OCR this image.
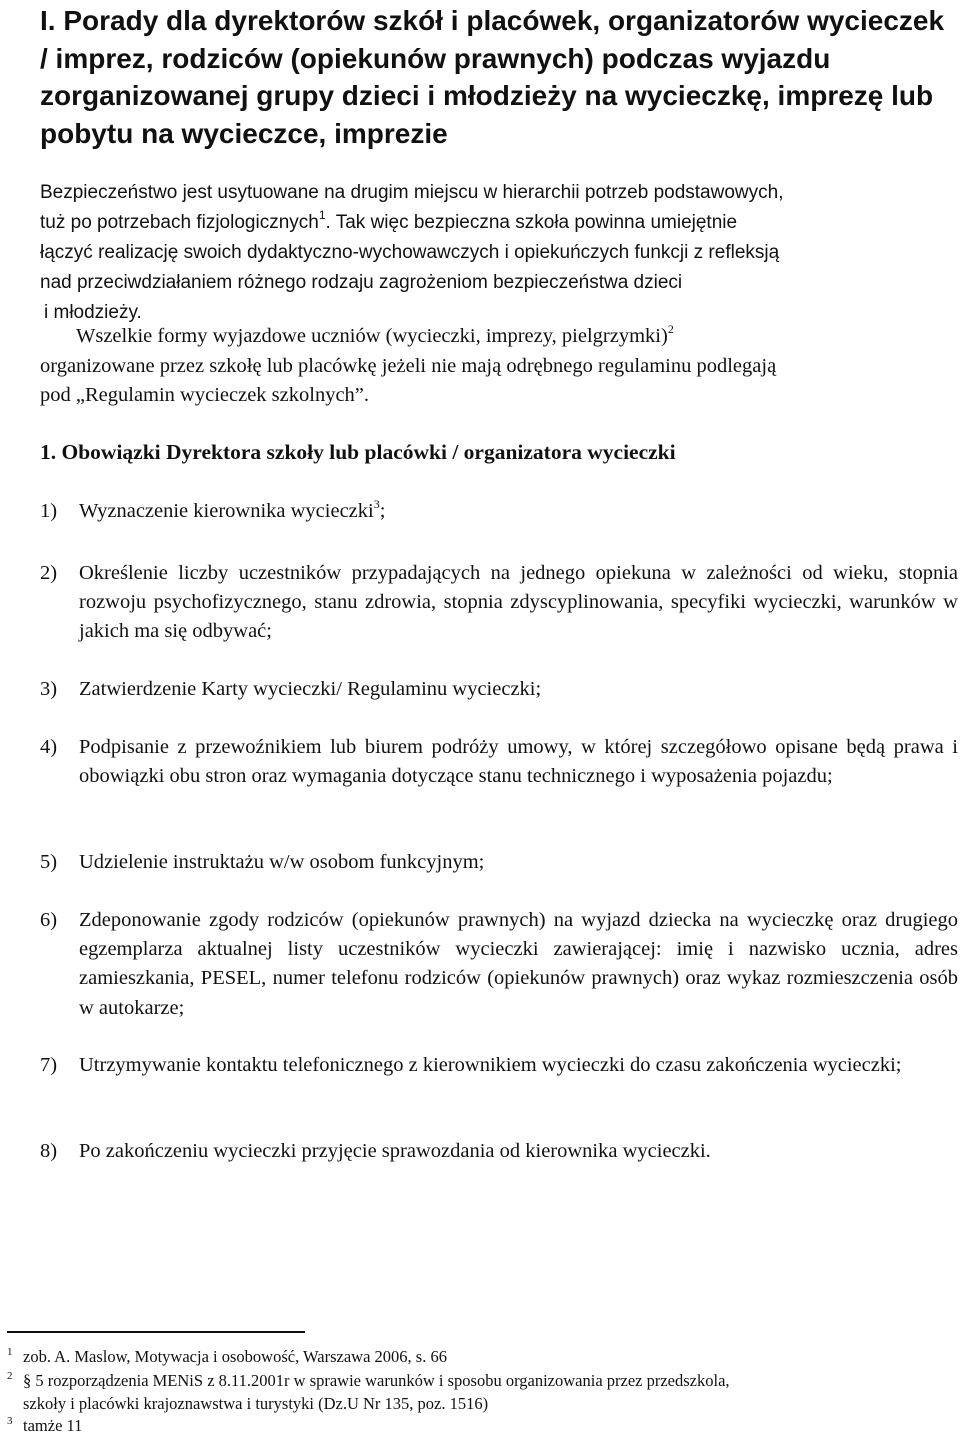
I. Porady dla dyrektorów szkół i placówek, organizatorów wycieczek / imprez, rodziców (opiekunów prawnych) podczas wyjazdu zorganizowanej grupy dzieci i młodzieży na wycieczkę, imprezę lub pobytu na wycieczce, imprezie
Bezpieczeństwo jest usytuowane na drugim miejscu w hierarchii potrzeb podstawowych,
tuż po potrzebach fizjologicznych$^1$. Tak więc bezpieczna szkoła powinna umiejętnie
łączyć realizację swoich dydaktyczno-wychowawczych i opiekuńczych funkcji z refleksją
nad przeciwdziałaniem różnego rodzaju zagrożeniom bezpieczeństwa dzieci
i młodzieży.
Wszelkie formy wyjazdowe uczniów (wycieczki, imprezy, pielgrzymki)$^2$
organizowane przez szkołę lub placówkę jeżeli nie mają odrębnego regulaminu podlegają
pod „Regulamin wycieczek szkolnych”.
1. Obowiązki Dyrektora szkoły lub placówki / organizatora wycieczki
1) Wyznaczenie kierownika wycieczki$^3$;
2) Określenie liczby uczestników przypadających na jednego opiekuna w zależności od wieku, stopnia rozwoju psychofizycznego, stanu zdrowia, stopnia zdyscyplinowania, specyfiki wycieczki, warunków w jakich ma się odbywać;
3) Zatwierdzenie Karty wycieczki/ Regulaminu wycieczki;
4) Podpisanie z przewoźnikiem lub biurem podróży umowy, w której szczegółowo opisane będą prawa i obowiązki obu stron oraz wymagania dotyczące stanu technicznego i wyposażenia pojazdu;
5) Udzielenie instruktażu w/w osobom funkcyjnym;
6) Zdeponowanie zgody rodziców (opiekunów prawnych) na wyjazd dziecka na wycieczkę oraz drugiego egzemplarza aktualnej listy uczestników wycieczki zawierającej: imię i nazwisko ucznia, adres zamieszkania, PESEL, numer telefonu rodziców (opiekunów prawnych) oraz wykaz rozmieszczenia osób w autokarze;
7) Utrzymywanie kontaktu telefonicznego z kierownikiem wycieczki do czasu zakończenia wycieczki;
8) Po zakończeniu wycieczki przyjęcie sprawozdania od kierownika wycieczki.
1 zob. A. Maslow, Motywacja i osobowość, Warszawa 2006, s. 66
2 § 5 rozporządzenia MENiS z 8.11.2001r w sprawie warunków i sposobu organizowania przez przedszkola,
szkoły i placówki krajoznawstwa i turystyki (Dz.U Nr 135, poz. 1516)
3 tamże 11
